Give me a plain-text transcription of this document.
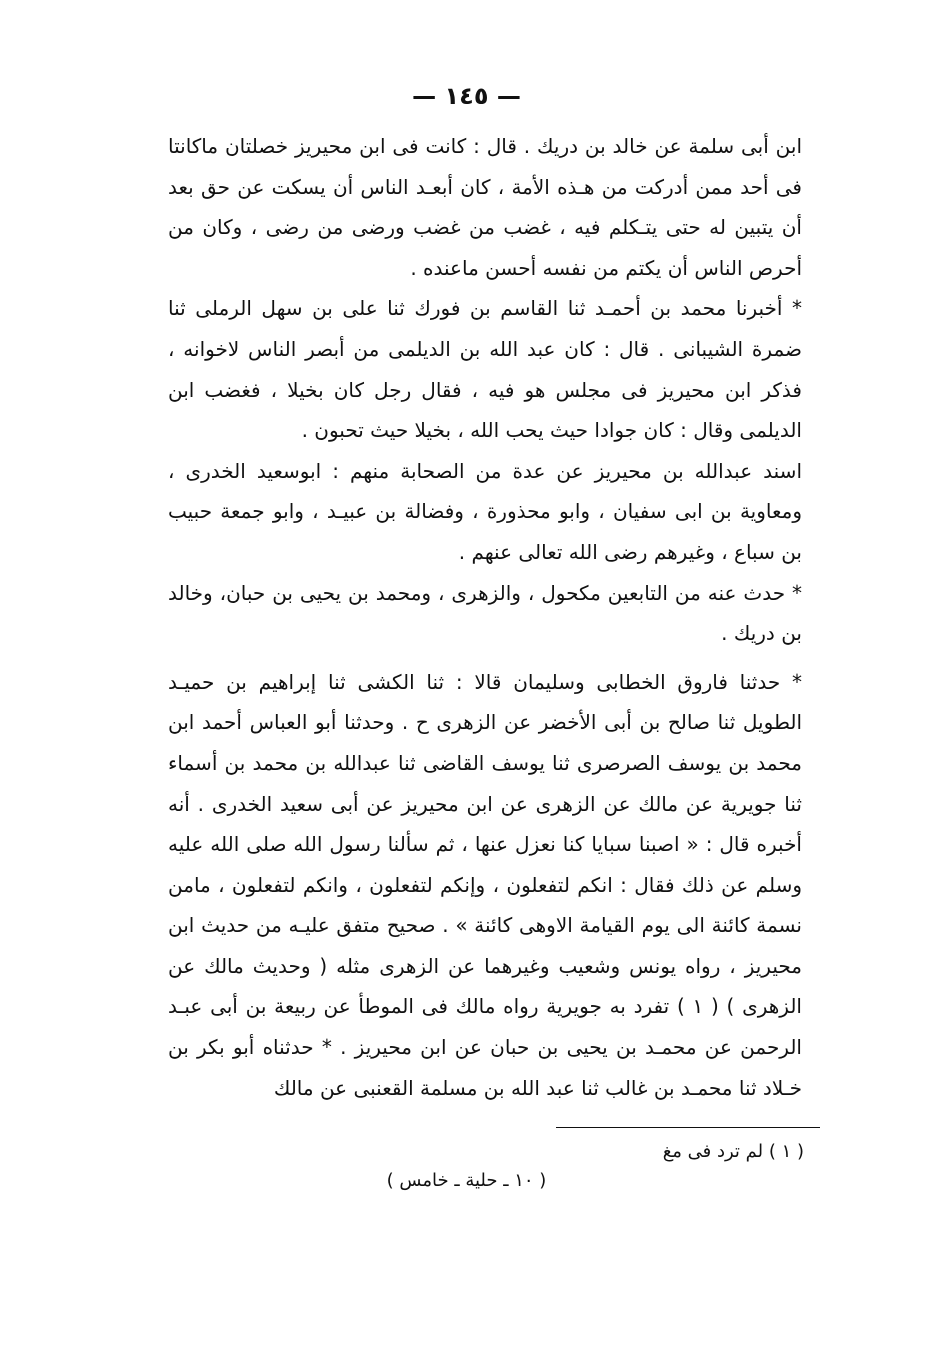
— ١٤٥ —

ابن أبى سلمة عن خالد بن دريك . قال : كانت فى ابن محيريز خصلتان ماكانتا فى أحد ممن أدركت من هـذه الأمة ، كان أبعـد الناس أن يسكت عن حق بعد أن يتبين له حتى يتـكلم فيه ، غضب من غضب ورضى من رضى ، وكان من أحرص الناس أن يكتم من نفسه أحسن ماعنده .

* أخبرنا محمد بن أحمـد ثنا القاسم بن فورك ثنا على بن سهل الرملى ثنا ضمرة الشيبانى . قال : كان عبد الله بن الديلمى من أبصر الناس لاخوانه ، فذكر ابن محيريز فى مجلس هو فيه ، فقال رجل كان بخيلا ، فغضب ابن الديلمى وقال : كان جوادا حيث يحب الله ، بخيلا حيث تحبون .

اسند عبدالله بن محيريز عن عدة من الصحابة منهم : ابوسعيد الخدرى ، ومعاوية بن ابى سفيان ، وابو محذورة ، وفضالة بن عبيـد ، وابو جمعة حبيب بن سباع ، وغيرهم رضى الله تعالى عنهم .

* حدث عنه من التابعين مكحول ، والزهرى ، ومحمد بن يحيى بن حبان، وخالد بن دريك .

* حدثنا فاروق الخطابى وسليمان قالا : ثنا الكشى ثنا إبراهيم بن حميـد الطويل ثنا صالح بن أبى الأخضر عن الزهرى ح . وحدثنا أبو العباس أحمد ابن محمد بن يوسف الصرصرى ثنا يوسف القاضى ثنا عبدالله بن محمد بن أسماء ثنا جويرية عن مالك عن الزهرى عن ابن محيريز عن أبى سعيد الخدرى . أنه أخبره قال : « اصبنا سبايا كنا نعزل عنها ، ثم سألنا رسول الله صلى الله عليه وسلم عن ذلك فقال : انكم لتفعلون ، وإنكم لتفعلون ، وانكم لتفعلون ، مامن نسمة كائنة الى يوم القيامة الاوهى كائنة » . صحيح متفق عليـه من حديث ابن محيريز ، رواه يونس وشعيب وغيرهما عن الزهرى مثله ( وحديث مالك عن الزهرى ) ( ١ ) تفرد به جويرية رواه مالك فى الموطأ عن ربيعة بن أبى عبـد الرحمن عن محمـد بن يحيى بن حبان عن ابن محيريز . * حدثناه أبو بكر بن خـلاد ثنا محمـد بن غالب ثنا عبد الله بن مسلمة القعنبى عن مالك

( ١ ) لم ترد فى مغ
( ١٠ ـ حلية ـ خامس )
